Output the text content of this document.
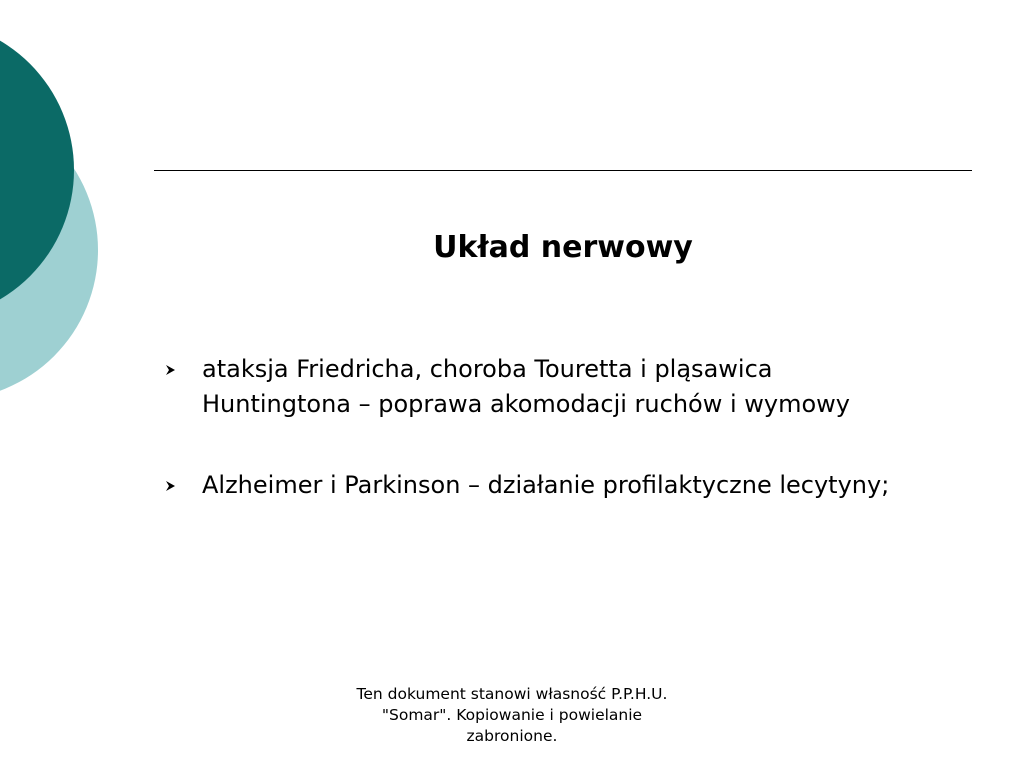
Układ nerwowy
ataksja Friedricha, choroba Touretta i pląsawica Huntingtona – poprawa akomodacji ruchów i wymowy
Alzheimer i Parkinson – działanie profilaktyczne lecytyny;

Ten dokument stanowi własność P.P.H.U. "Somar". Kopiowanie i powielanie zabronione.
